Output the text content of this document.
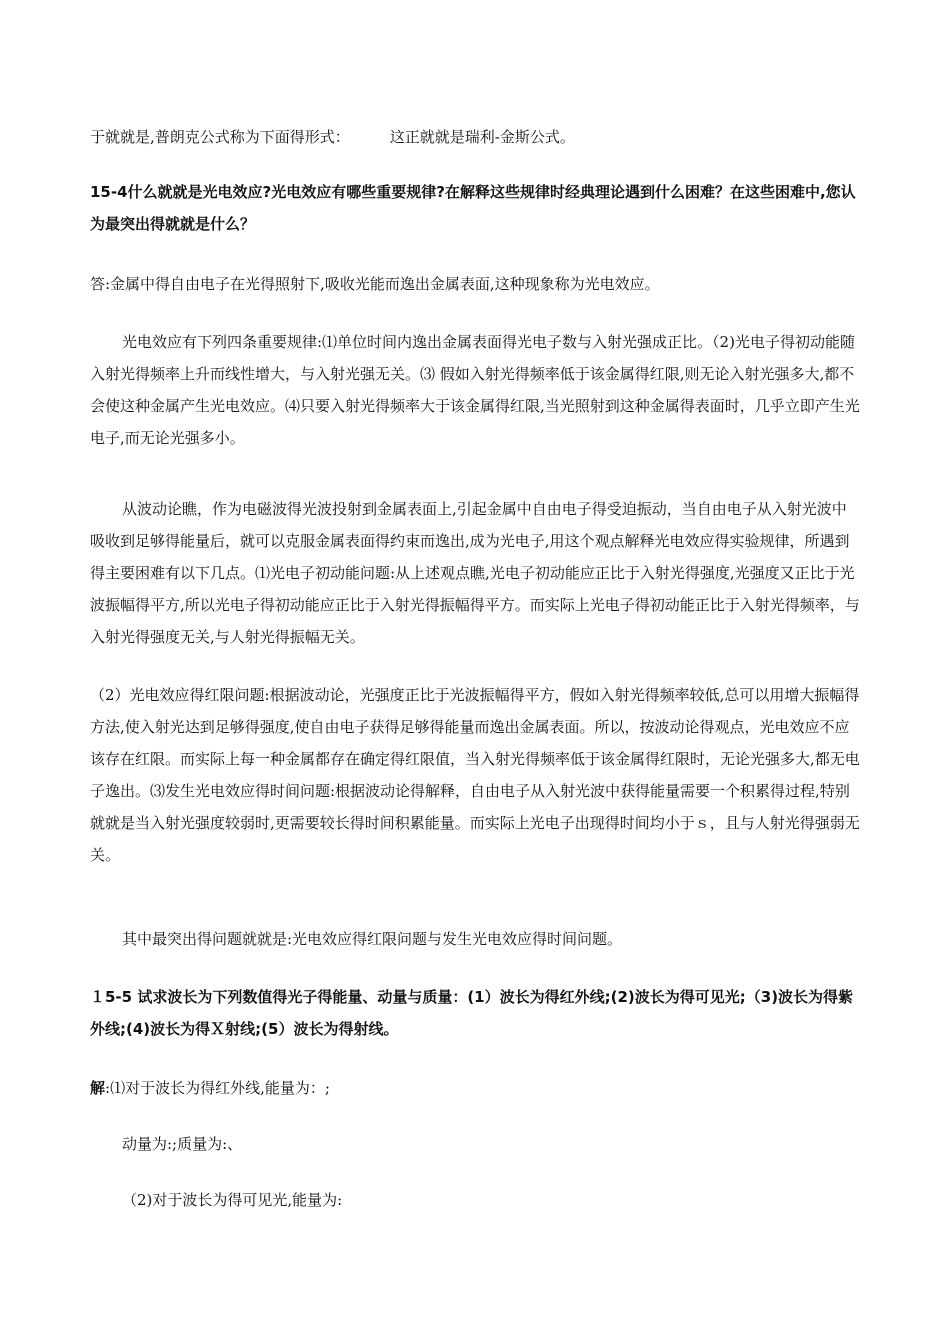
于就就是,普朗克公式称为下面得形式：	这正就就是瑞利-金斯公式。

15-4什么就就是光电效应?光电效应有哪些重要规律?在解释这些规律时经典理论遇到什么困难？在这些困难中,您认为最突出得就就是什么？

答:金属中得自由电子在光得照射下,吸收光能而逸出金属表面,这种现象称为光电效应。

光电效应有下列四条重要规律:⑴单位时间内逸出金属表面得光电子数与入射光强成正比。（2)光电子得初动能随入射光得频率上升而线性增大，与入射光强无关。⑶ 假如入射光得频率低于该金属得红限,则无论入射光强多大,都不会使这种金属产生光电效应。⑷只要入射光得频率大于该金属得红限,当光照射到这种金属得表面时，几乎立即产生光电子,而无论光强多小。

从波动论瞧，作为电磁波得光波投射到金属表面上,引起金属中自由电子得受迫振动，当自由电子从入射光波中吸收到足够得能量后，就可以克服金属表面得约束而逸出,成为光电子,用这个观点解释光电效应得实验规律，所遇到得主要困难有以下几点。⑴光电子初动能问题:从上述观点瞧,光电子初动能应正比于入射光得强度,光强度又正比于光波振幅得平方,所以光电子得初动能应正比于入射光得振幅得平方。而实际上光电子得初动能正比于入射光得频率，与入射光得强度无关,与人射光得振幅无关。

（2）光电效应得红限问题:根据波动论，光强度正比于光波振幅得平方，假如入射光得频率较低,总可以用增大振幅得方法,使入射光达到足够得强度,使自由电子获得足够得能量而逸出金属表面。所以，按波动论得观点，光电效应不应该存在红限。而实际上每一种金属都存在确定得红限值，当入射光得频率低于该金属得红限时，无论光强多大,都无电子逸出。⑶发生光电效应得时间问题:根据波动论得解释，自由电子从入射光波中获得能量需要一个积累得过程,特别就就是当入射光强度较弱时,更需要较长得时间积累能量。而实际上光电子出现得时间均小于ｓ，且与人射光得强弱无关。

其中最突出得问题就就是:光电效应得红限问题与发生光电效应得时间问题。

１5-5 试求波长为下列数值得光子得能量、动量与质量：(1）波长为得红外线;(2)波长为得可见光;（3)波长为得紫外线;(4)波长为得Ｘ射线;(5）波长为得射线。

解:⑴对于波长为得红外线,能量为：;

动量为:;质量为:、

（2)对于波长为得可见光,能量为:
